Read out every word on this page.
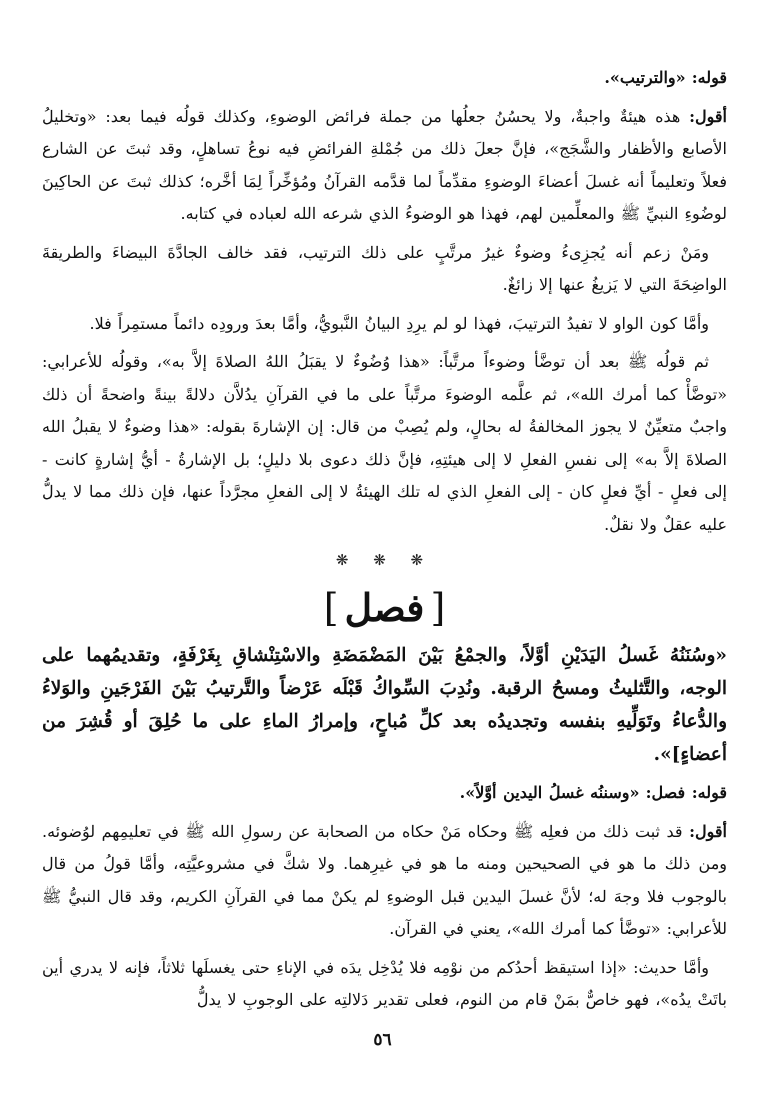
قوله: «والترتيب».

أقول: هذه هيئةٌ واجبةٌ، ولا يحسُنُ جعلُها من جملة فرائض الوضوءِ، وكذلك قولُه فيما بعد: «وتخليلُ الأصابع والأظفار والشَّجَج»، فإنَّ جعلَ ذلك من جُمْلةِ الفرائضِ فيه نوعُ تساهلٍ، وقد ثبتَ عن الشارع فعلاً وتعليماً أنه غسلَ أعضاءَ الوضوءِ مقدِّماً لما قدَّمه القرآنُ ومُؤخِّراً لِمَا أخَّره؛ كذلك ثبتَ عن الحاكِينَ لوضُوءِ النبيِّ ﷺ والمعلِّمين لهم، فهذا هو الوضوءُ الذي شرعه الله لعباده في كتابه.

ومَنْ زعم أنه يُجزِىءُ وضوءٌ غيرُ مرتَّبٍ على ذلك الترتيب، فقد خالف الجادَّةَ البيضاءَ والطريقةَ الواضِحَةَ التي لا يَزيغُ عنها إلا زائغٌ.

وأمَّا كون الواو لا تفيدُ الترتيبَ، فهذا لو لم يرِدِ البيانُ النَّبويُّ، وأمَّا بعدَ ورودِه دائماً مستمِراً فلا.

ثم قولُه ﷺ بعد أن توضَّأ وضوءاً مرتَّباً: «هذا وُضُوءٌ لا يقبَلُ اللهُ الصلاةَ إلاَّ به»، وقولُه للأعرابي: «توضَّأْ كما أمرك الله»، ثم علَّمه الوضوءَ مرتَّباً على ما في القرآنِ يدُلاَّن دلالةً بينةً واضحةً أن ذلك واجبٌ متعيِّنٌ لا يجوز المخالفةُ له بحالٍ، ولم يُصِبْ من قال: إن الإشارةَ بقوله: «هذا وضوءٌ لا يقبلُ الله الصلاةَ إلاَّ به» إلى نفسِ الفعلِ لا إلى هيئتِهِ، فإنَّ ذلك دعوى بلا دليلٍ؛ بل الإشارةُ - أيُّ إشارةٍ كانت - إلى فعلٍ - أيِّ فعلٍ كان - إلى الفعلِ الذي له تلك الهيئةُ لا إلى الفعلِ مجرَّداً عنها، فإن ذلك مما لا يدلُّ عليه عقلٌ ولا نقلٌ.

❋ ❋ ❋
[فصل]

«وسُنَنُهُ غَسلُ اليَدَيْنِ أوَّلاً، والجمْعُ بَيْنَ المَضْمَضَةِ والاسْتِنْشاقِ بِغَرْفَةٍ، وتقديمُهما على الوجه، والتَّثليثُ ومسحُ الرقبة. ونُدِبَ السِّواكُ قَبْلَه عَرْضاً والتَّرتيبُ بَيْنَ الفَرْجَينِ والوَلاءُ والدُّعاءُ وتَوَلِّيهِ بنفسه وتجديدُه بعد كلِّ مُباحٍ، وإمرارُ الماءِ على ما حُلِقَ أو قُشِرَ من أعضاءٍ]».

قوله: فصل: «وسننُه غسلُ اليدين أوَّلاً».

أقول: قد ثبت ذلك من فعلِه ﷺ وحكاه مَنْ حكاه من الصحابة عن رسولِ الله ﷺ في تعليمِهم لوُضوئه. ومن ذلك ما هو في الصحيحين ومنه ما هو في غيرِهما. ولا شكَّ في مشروعيَّتِه، وأمَّا قولُ من قال بالوجوب فلا وجهَ له؛ لأنَّ غسلَ اليدين قبل الوضوءِ لم يكنْ مما في القرآنِ الكريم، وقد قال النبيُّ ﷺ للأعرابي: «توضَّأ كما أمرك الله»، يعني في القرآن.

وأمَّا حديث: «إذا استيقظ أحدُكم من نوْمِه فلا يُدْخِل يدَه في الإناءِ حتى يغسلَها ثلاثاً، فإنه لا يدري أين باتَتْ يدُه»، فهو خاصٌّ بمَنْ قام من النوم، فعلى تقدير دَلالتِه على الوجوبِ لا يدلُّ

٥٦
